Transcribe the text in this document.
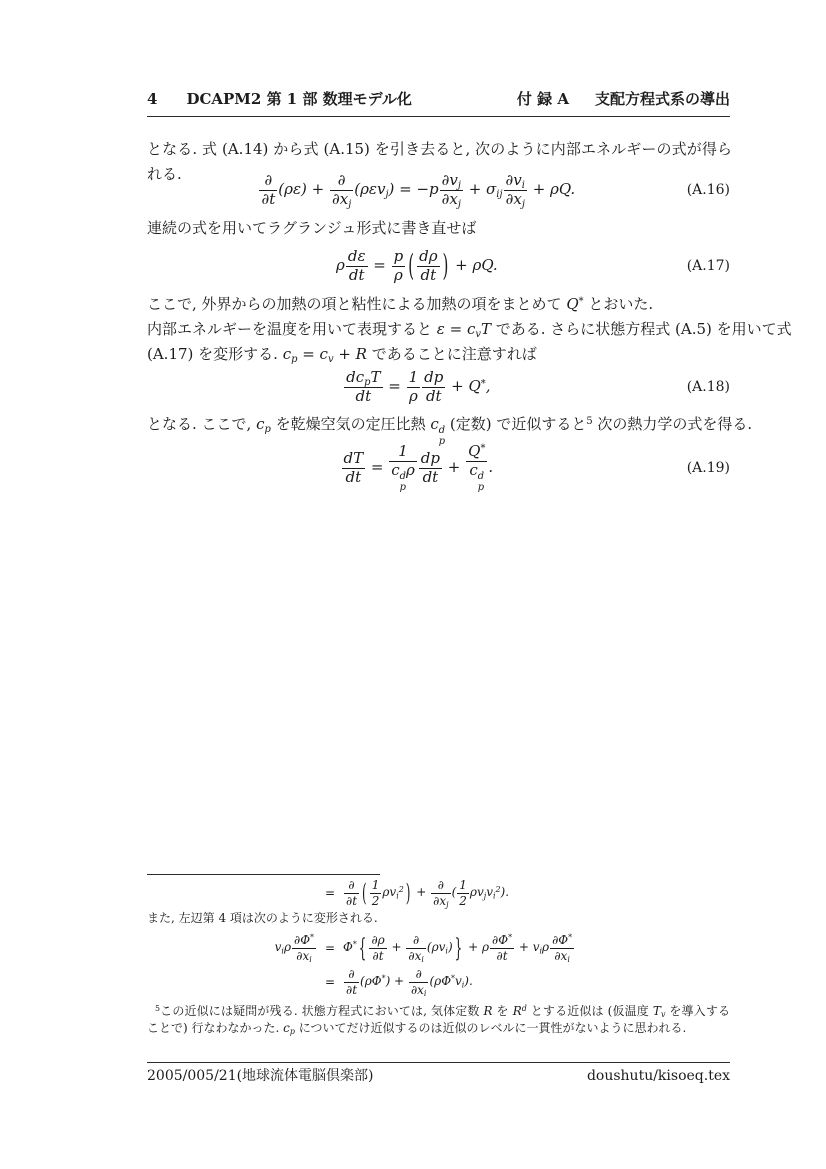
4 DCAPM2 第 1 部 数理モデル化	付 録 A 支配方程式系の導出
となる. 式 (A.14) から式 (A.15) を引き去ると, 次のように内部エネルギーの式が得られる.	$\frac{\partial}{\partial t} (\rho\varepsilon) + \frac{\partial}{\partial x_j} (\rho\varepsilon v_j) = -p \frac{\partial v_j}{\partial x_j} + \sigma_{ij} \frac{\partial v_i}{\partial x_j} + \rho Q$.	(A.16)
連続の式を用いてラグランジュ形式に書き直せば
ρ $\frac{d\varepsilon}{dt} = \frac{p}{\rho}$ ( $\frac{d\rho}{dt}$ ) + ρQ.	(A.17)
ここで, 外界からの加熱の項と粘性による加熱の項をまとめて Q* とおいた.
内部エネルギーを温度を用いて表現すると $\varepsilon = c_vT$ である. さらに状態方程式 (A.5) を用いて式
(A.17) を変形する. $c_p = c_v + R$ であることに注意すれば
$\frac{dc_pT}{dt} = \frac{1}{\rho} \frac{dp}{dt} + Q^*$,	(A.18)
となる. ここで, $c_p$ を乾燥空気の定圧比熱 c d
p
(定数) で近似すると$^5$ 次の熱力学の式を得る.
$\frac{dT}{dt} = 1$
c d
p
ρ $\frac{dp}{dt} + Q^*$
c d
p .	(A.19)
= $\frac{\partial}{\partial t}$ ( $\frac{1}{2} \rho v_i^2$ ) + $\frac{\partial}{\partial x_j}$ ( $\frac{1}{2} \rho v_jv_i^2$).
また, 左辺第 4 項は次のように変形される.
$v_i\rho \frac{\partial\Phi^*}{\partial x_i} = \Phi^*$ { $\frac{\partial\rho}{\partial t} + \frac{\partial}{\partial x_i} (\rho v_i)$ } + ρ $\frac{\partial\Phi^*}{\partial t} + v_i\rho \frac{\partial\Phi^*}{\partial x_i}$
= $\frac{\partial}{\partial t} (\rho\Phi^*) + \frac{\partial}{\partial x_i} (\rho\Phi^*v_i)$.
$^5$この近似には疑問が残る. 状態方程式においては, 気体定数 R を $R^d$ とする近似は (仮温度 $T_v$ を導入することで) 行なわなかった. $c_p$ についてだけ近似するのは近似のレベルに一貫性がないように思われる.
2005/005/21(地球流体電脳倶楽部)	doushutu/kisoeq.tex
